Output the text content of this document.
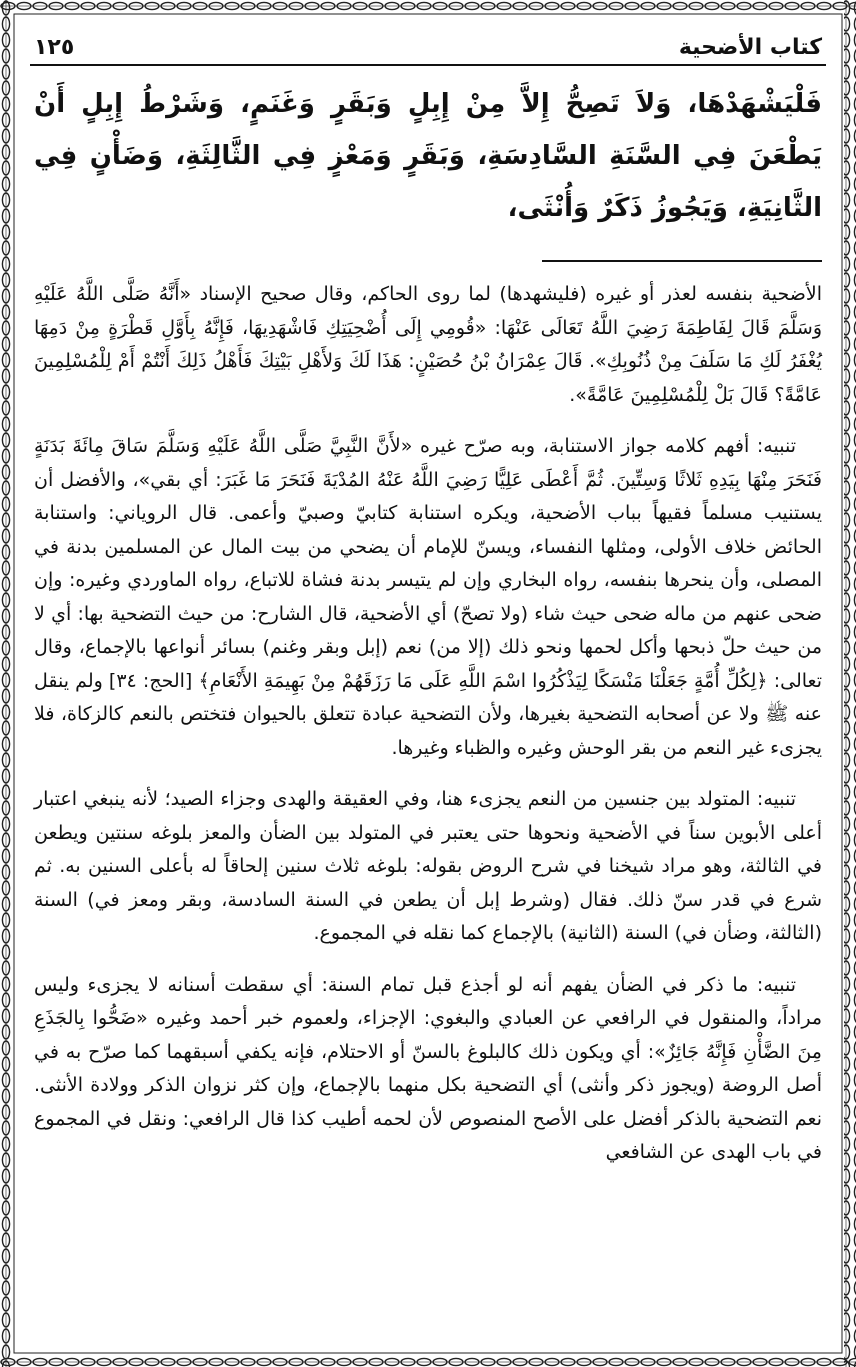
كتاب الأضحية
١٢٥
فَلْيَشْهَدْهَا، وَلاَ تَصِحُّ إِلاَّ مِنْ إِبِلٍ وَبَقَرٍ وَغَنَمٍ، وَشَرْطُ إِبِلٍ أَنْ يَطْعَنَ فِي السَّنَةِ السَّادِسَةِ، وَبَقَرٍ وَمَعْزٍ فِي الثَّالِثَةِ، وَضَأْنٍ فِي الثَّانِيَةِ، وَيَجُوزُ ذَكَرٌ وَأُنْثَى،

الأضحية بنفسه لعذر أو غيره (فليشهدها) لما روى الحاكم، وقال صحيح الإسناد «أَنَّهُ صَلَّى اللَّهُ عَلَيْهِ وَسَلَّمَ قَالَ لِفَاطِمَةَ رَضِيَ اللَّهُ تَعَالَى عَنْهَا: «قُومِي إِلَى أُضْحِيَتِكِ فَاشْهَدِيهَا، فَإِنَّهُ بِأَوَّلِ قَطْرَةٍ مِنْ دَمِهَا يُغْفَرُ لَكِ مَا سَلَفَ مِنْ ذُنُوبِكِ». قَالَ عِمْرَانُ بْنُ حُصَيْنٍ: هَذَا لَكَ وَلأَهْلِ بَيْتِكَ فَأَهْلُ ذَلِكَ أَنْتُمْ أَمْ لِلْمُسْلِمِينَ عَامَّةً؟ قَالَ بَلْ لِلْمُسْلِمِينَ عَامَّةً».

تنبيه: أفهم كلامه جواز الاستنابة، وبه صرّح غيره «لأَنَّ النَّبِيَّ صَلَّى اللَّهُ عَلَيْهِ وَسَلَّمَ سَاقَ مِائَةَ بَدَنَةٍ فَنَحَرَ مِنْهَا بِيَدِهِ ثَلاثًا وَسِتِّينَ. ثُمَّ أَعْطَى عَلِيًّا رَضِيَ اللَّهُ عَنْهُ المُدْيَةَ فَنَحَرَ مَا غَبَرَ: أي بقي»، والأفضل أن يستنيب مسلماً فقيهاً بباب الأضحية، ويكره استنابة كتابيّ وصبيّ وأعمى. قال الروياني: واستنابة الحائض خلاف الأولى، ومثلها النفساء، ويسنّ للإمام أن يضحي من بيت المال عن المسلمين بدنة في المصلى، وأن ينحرها بنفسه، رواه البخاري وإن لم يتيسر بدنة فشاة للاتباع، رواه الماوردي وغيره: وإن ضحى عنهم من ماله ضحى حيث شاء (ولا تصحّ) أي الأضحية، قال الشارح: من حيث التضحية بها: أي لا من حيث حلّ ذبحها وأكل لحمها ونحو ذلك (إلا من) نعم (إبل وبقر وغنم) بسائر أنواعها بالإجماع، وقال تعالى: ﴿لِكُلِّ أُمَّةٍ جَعَلْنَا مَنْسَكًا لِيَذْكُرُوا اسْمَ اللَّهِ عَلَى مَا رَزَقَهُمْ مِنْ بَهِيمَةِ الأَنْعَامِ﴾ [الحج: ٣٤] ولم ينقل عنه ﷺ ولا عن أصحابه التضحية بغيرها، ولأن التضحية عبادة تتعلق بالحيوان فتختص بالنعم كالزكاة، فلا يجزىء غير النعم من بقر الوحش وغيره والظباء وغيرها.

تنبيه: المتولد بين جنسين من النعم يجزىء هنا، وفي العقيقة والهدى وجزاء الصيد؛ لأنه ينبغي اعتبار أعلى الأبوين سناً في الأضحية ونحوها حتى يعتبر في المتولد بين الضأن والمعز بلوغه سنتين ويطعن في الثالثة، وهو مراد شيخنا في شرح الروض بقوله: بلوغه ثلاث سنين إلحاقاً له بأعلى السنين به. ثم شرع في قدر سنّ ذلك. فقال (وشرط إبل أن يطعن في السنة السادسة، وبقر ومعز في) السنة (الثالثة، وضأن في) السنة (الثانية) بالإجماع كما نقله في المجموع.

تنبيه: ما ذكر في الضأن يفهم أنه لو أجذع قبل تمام السنة: أي سقطت أسنانه لا يجزىء وليس مراداً، والمنقول في الرافعي عن العبادي والبغوي: الإجزاء، ولعموم خبر أحمد وغيره «ضَحُّوا بِالجَذَعِ مِنَ الضَّأْنِ فَإِنَّهُ جَائِزٌ»: أي ويكون ذلك كالبلوغ بالسنّ أو الاحتلام، فإنه يكفي أسبقهما كما صرّح به في أصل الروضة (ويجوز ذكر وأنثى) أي التضحية بكل منهما بالإجماع، وإن كثر نزوان الذكر وولادة الأنثى. نعم التضحية بالذكر أفضل على الأصح المنصوص لأن لحمه أطيب كذا قال الرافعي: ونقل في المجموع في باب الهدى عن الشافعي
